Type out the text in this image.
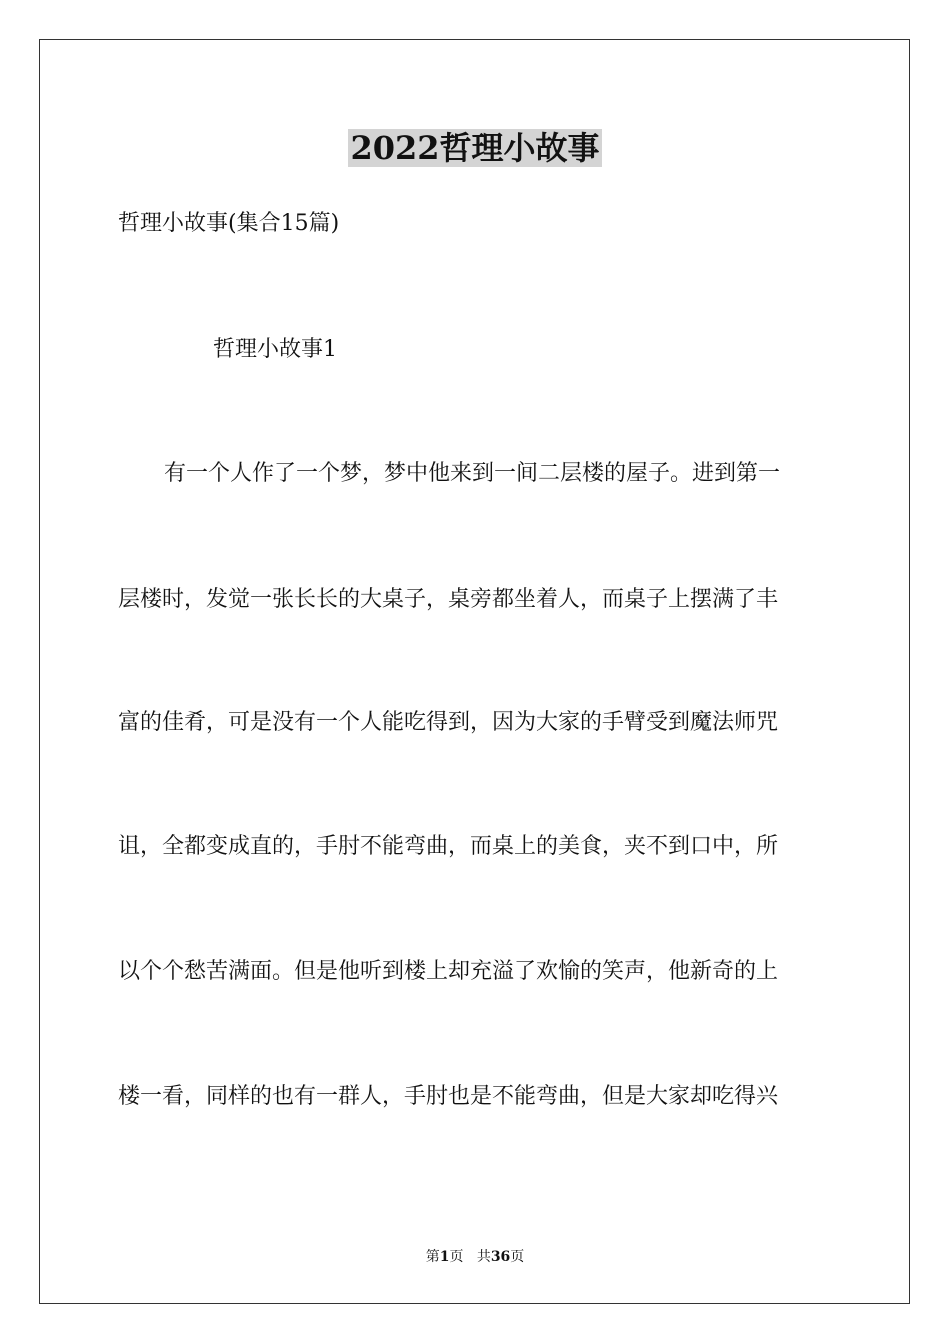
2022哲理小故事
哲理小故事(集合15篇)
哲理小故事1
有一个人作了一个梦，梦中他来到一间二层楼的屋子。进到第一
层楼时，发觉一张长长的大桌子，桌旁都坐着人，而桌子上摆满了丰
富的佳肴，可是没有一个人能吃得到，因为大家的手臂受到魔法师咒
诅，全都变成直的，手肘不能弯曲，而桌上的美食，夹不到口中，所
以个个愁苦满面。但是他听到楼上却充溢了欢愉的笑声，他新奇的上
楼一看，同样的也有一群人，手肘也是不能弯曲，但是大家却吃得兴
第1页 共36页
